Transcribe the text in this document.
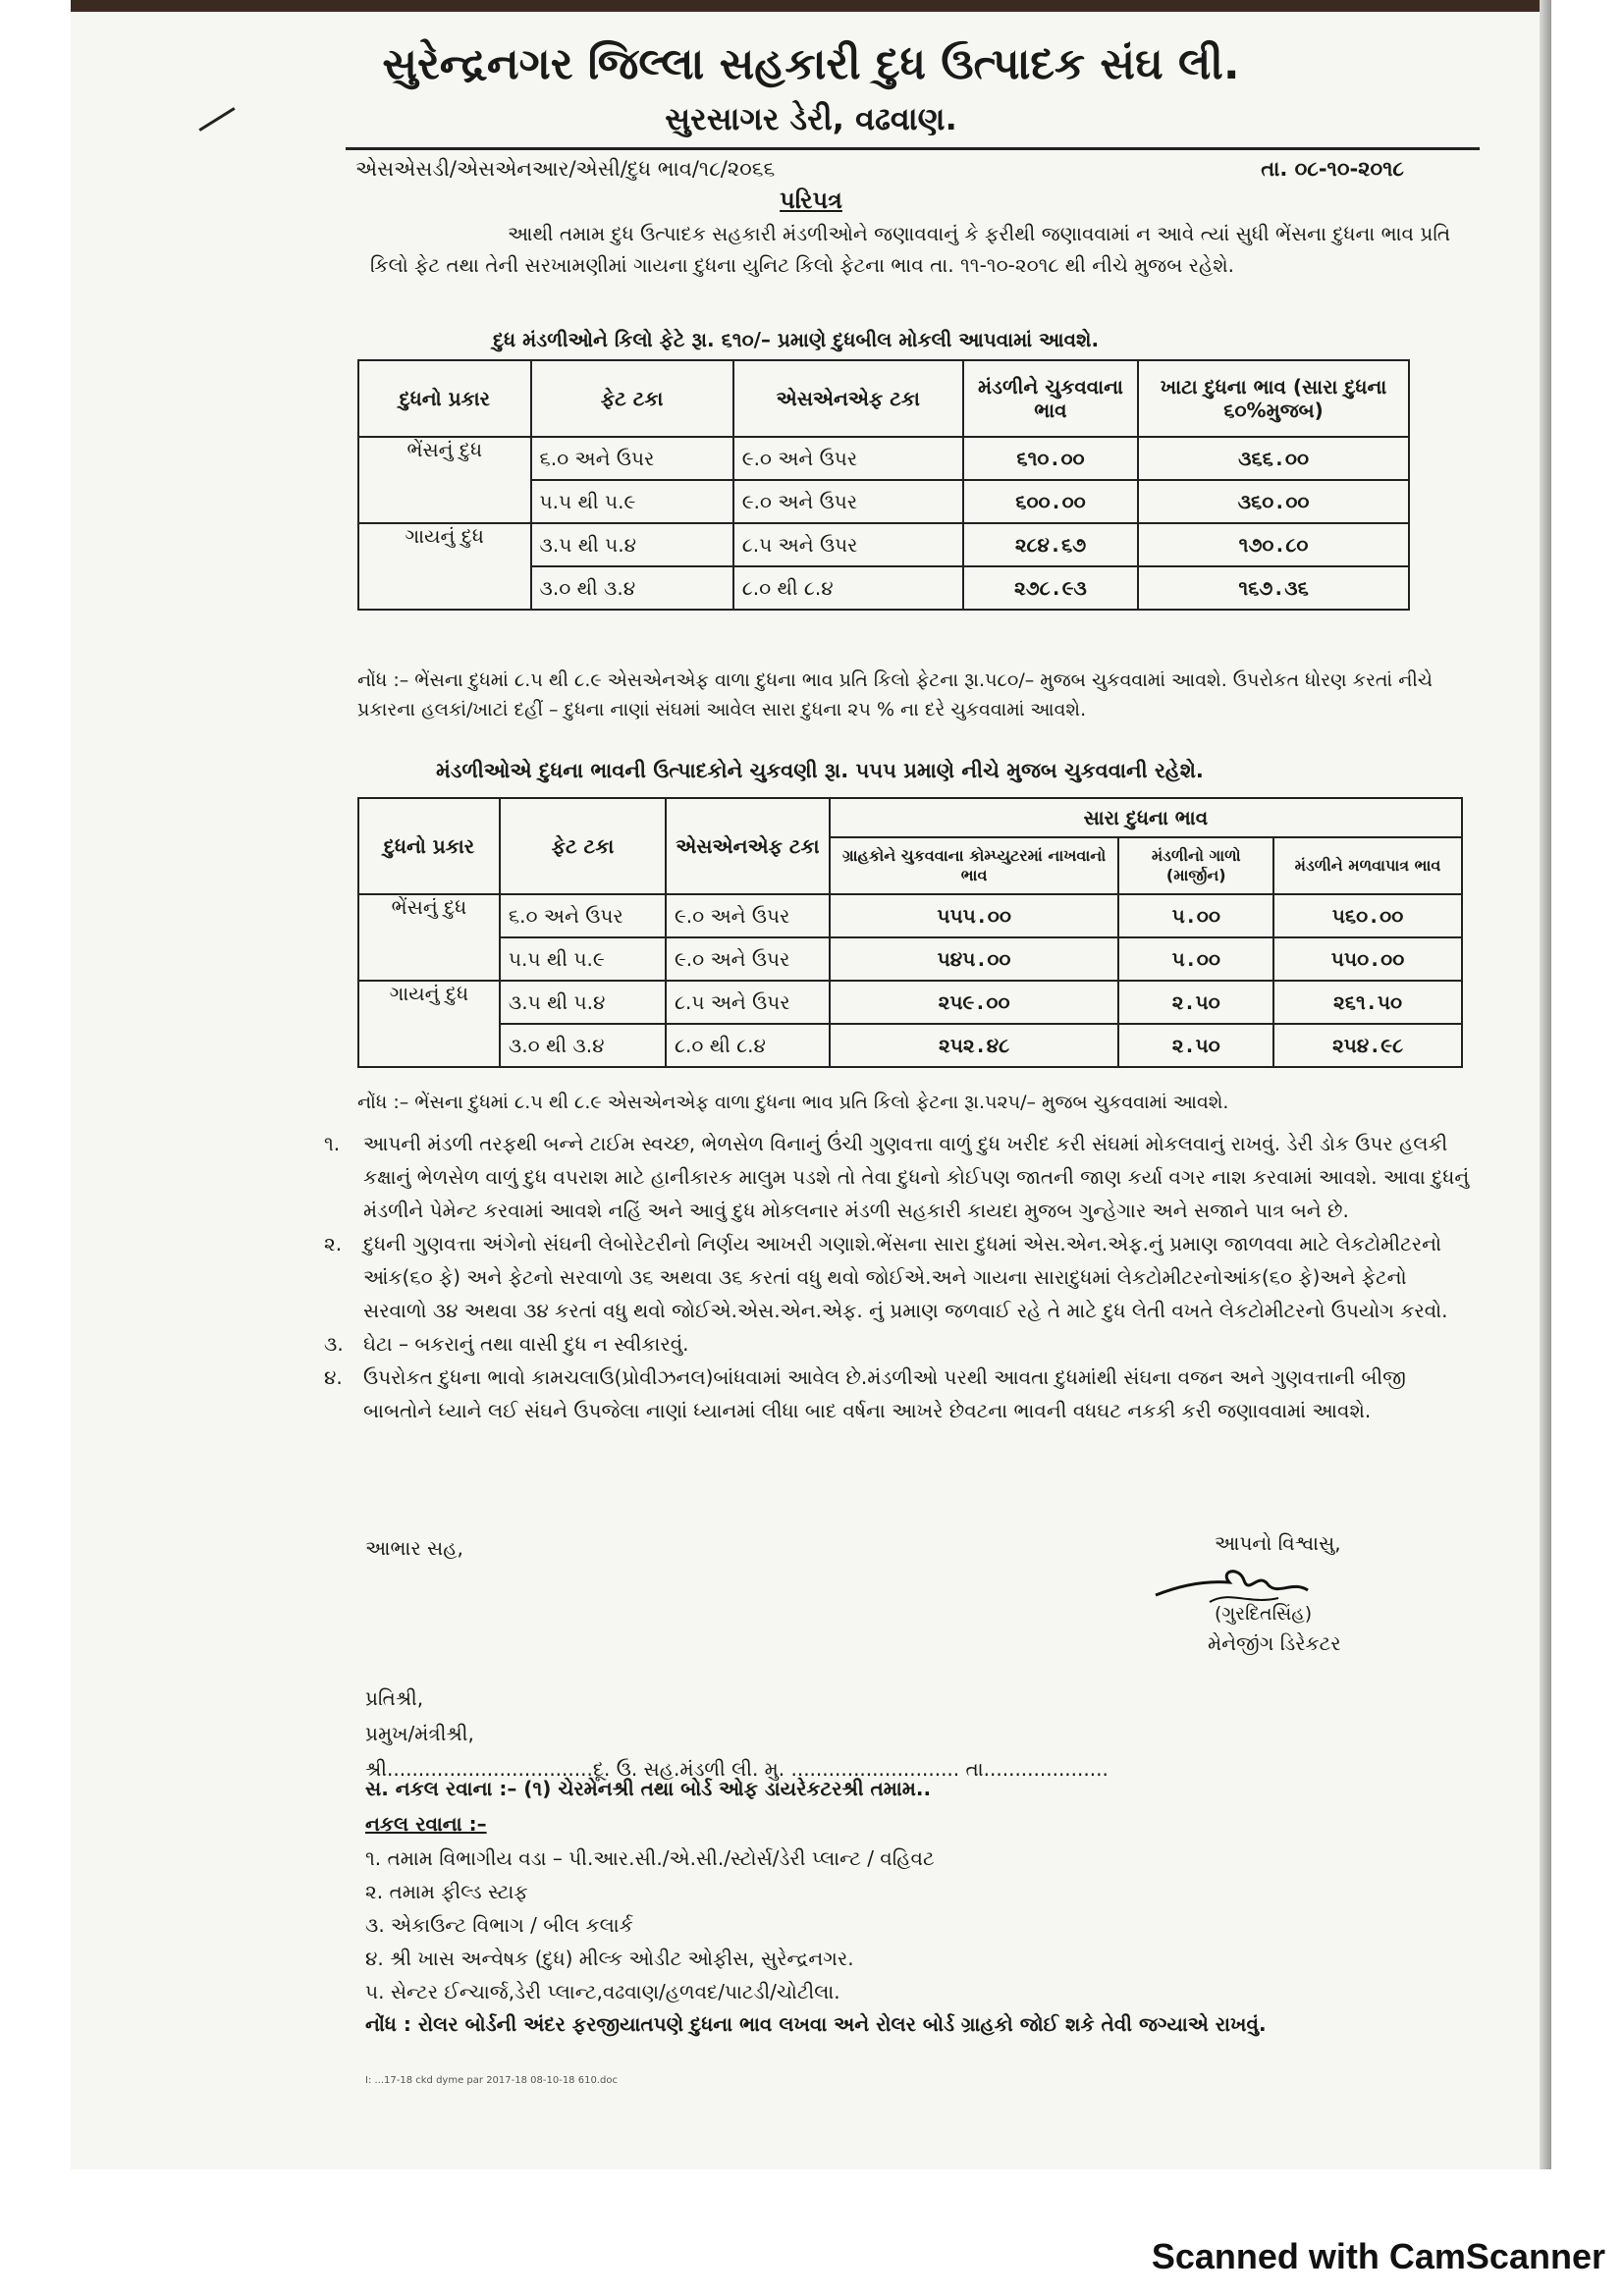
સુરેન્દ્રનગર જિલ્લા સહકારી દુધ ઉત્પાદક સંઘ લી.
સુરસાગર ડેરી, વઢવાણ.
એસએસડી/એસએનઆર/એસી/દુધ ભાવ/૧૮/૨૦૬૬	તા. ૦૮-૧૦-૨૦૧૮
પરિપત્ર
આથી તમામ દુધ ઉત્પાદક સહકારી મંડળીઓને જણાવવાનું કે ફરીથી જણાવવામાં ન આવે ત્યાં સુધી ભેંસના દુધના ભાવ પ્રતિ કિલો ફેટ તથા તેની સરખામણીમાં ગાયના દુધના યુનિટ કિલો ફેટના ભાવ તા. ૧૧-૧૦-૨૦૧૮ થી નીચે મુજબ રહેશે.
દુધ મંડળીઓને કિલો ફેટે રૂા. ૬૧૦/– પ્રમાણે દુધબીલ મોકલી આપવામાં આવશે.
દુધનો પ્રકાર	ફેટ ટકા	એસએનએફ ટકા	મંડળીને ચુકવવાના ભાવ	ખાટા દુધના ભાવ (સારા દુધના ૬૦%મુજબ)
ભેંસનું દુધ	૬.૦ અને ઉપર	૯.૦ અને ઉપર	૬૧૦.૦૦	૩૬૬.૦૦
	૫.૫ થી ૫.૯	૯.૦ અને ઉપર	૬૦૦.૦૦	૩૬૦.૦૦
ગાયનું દુધ	૩.૫ થી ૫.૪	૮.૫ અને ઉપર	૨૮૪.૬૭	૧૭૦.૮૦
	૩.૦ થી ૩.૪	૮.૦ થી ૮.૪	૨૭૮.૯૩	૧૬૭.૩૬
નોંધ :– ભેંસના દુધમાં ૮.૫ થી ૮.૯ એસએનએફ વાળા દુધના ભાવ પ્રતિ કિલો ફેટના રૂા.૫૮૦/– મુજબ ચુકવવામાં આવશે. ઉપરોકત ધોરણ કરતાં નીચે પ્રકારના હલકાં/ખાટાં દહીં – દુધના નાણાં સંઘમાં આવેલ સારા દુધના ૨૫ % ના દરે ચુકવવામાં આવશે.
મંડળીઓએ દુધના ભાવની ઉત્પાદકોને ચુકવણી રૂા. ૫૫૫ પ્રમાણે નીચે મુજબ ચુકવવાની રહેશે.
દુધનો પ્રકાર	ફેટ ટકા	એસએનએફ ટકા	સારા દુધના ભાવ		
			ગ્રાહકોને ચુકવવાના કોમ્પ્યુટરમાં નાખવાનો ભાવ	મંડળીનો ગાળો (માર્જીન)	મંડળીને મળવાપાત્ર ભાવ
ભેંસનું દુધ	૬.૦ અને ઉપર	૯.૦ અને ઉપર	૫૫૫.૦૦	૫.૦૦	૫૬૦.૦૦
	૫.૫ થી ૫.૯	૯.૦ અને ઉપર	૫૪૫.૦૦	૫.૦૦	૫૫૦.૦૦
ગાયનું દુધ	૩.૫ થી ૫.૪	૮.૫ અને ઉપર	૨૫૯.૦૦	૨.૫૦	૨૬૧.૫૦
	૩.૦ થી ૩.૪	૮.૦ થી ૮.૪	૨૫૨.૪૮	૨.૫૦	૨૫૪.૯૮
નોંધ :– ભેંસના દુધમાં ૮.૫ થી ૮.૯ એસએનએફ વાળા દુધના ભાવ પ્રતિ કિલો ફેટના રૂા.૫૨૫/– મુજબ ચુકવવામાં આવશે.
૧.	આપની મંડળી તરફથી બન્ને ટાઈમ સ્વચ્છ, ભેળસેળ વિનાનું ઉંચી ગુણવત્તા વાળું દુધ ખરીદ કરી સંઘમાં મોકલવાનું રાખવું. ડેરી ડોક ઉપર હલકી કક્ષાનું ભેળસેળ વાળું દુધ વપરાશ માટે હાનીકારક માલુમ પડશે તો તેવા દુધનો કોઈપણ જાતની જાણ કર્યા વગર નાશ કરવામાં આવશે. આવા દુધનું મંડળીને પેમેન્ટ કરવામાં આવશે નહિં અને આવું દુધ મોકલનાર મંડળી સહકારી કાયદા મુજબ ગુન્હેગાર અને સજાને પાત્ર બને છે.
૨.	દુધની ગુણવત્તા અંગેનો સંઘની લેબોરેટરીનો નિર્ણય આખરી ગણાશે.ભેંસના સારા દુધમાં એસ.એન.એફ.નું પ્રમાણ જાળવવા માટે લેકટોમીટરનો આંક(૬૦ ફે) અને ફેટનો સરવાળો ૩૬ અથવા ૩૬ કરતાં વધુ થવો જોઈએ.અને ગાયના સારાદુધમાં લેકટોમીટરનોઆંક(૬૦ ફે)અને ફેટનો સરવાળો ૩૪ અથવા ૩૪ કરતાં વધુ થવો જોઈએ.એસ.એન.એફ. નું પ્રમાણ જળવાઈ રહે તે માટે દુધ લેતી વખતે લેકટોમીટરનો ઉપયોગ કરવો.
૩.	ઘેટા – બકરાનું તથા વાસી દુધ ન સ્વીકારવું.
૪.	ઉપરોકત દુધના ભાવો કામચલાઉ(પ્રોવીઝનલ)બાંધવામાં આવેલ છે.મંડળીઓ પરથી આવતા દુધમાંથી સંઘના વજન અને ગુણવત્તાની બીજી બાબતોને ધ્યાને લઈ સંઘને ઉપજેલા નાણાં ધ્યાનમાં લીધા બાદ વર્ષના આખરે છેવટના ભાવની વધઘટ નકકી કરી જણાવવામાં આવશે.
આભાર સહ,	આપનો વિશ્વાસુ,
(ગુરદિતસિંહ)
મેનેજીંગ ડિરેકટર
પ્રતિશ્રી,
પ્રમુખ/મંત્રીશ્રી,
શ્રી.................................દૂ. ઉ. સહ.મંડળી લી. મુ. ........................... તા....................
સ. નકલ રવાના :– (૧) ચેરમેનશ્રી તથા બોર્ડ ઓફ ડાયરેકટરશ્રી તમામ..
નકલ રવાના :–
૧. તમામ વિભાગીય વડા – પી.આર.સી./એ.સી./સ્ટોર્સ/ડેરી પ્લાન્ટ / વહિવટ
૨. તમામ ફીલ્ડ સ્ટાફ
૩. એકાઉન્ટ વિભાગ / બીલ કલાર્ક
૪. શ્રી ખાસ અન્વેષક (દુધ) મીલ્ક ઓડીટ ઓફીસ, સુરેન્દ્રનગર.
૫. સેન્ટર ઈન્ચાર્જ,ડેરી પ્લાન્ટ,વઢવાણ/હળવદ/પાટડી/ચોટીલા.
નોંધ : રોલર બોર્ડની અંદર ફરજીયાતપણે દુધના ભાવ લખવા અને રોલર બોર્ડ ગ્રાહકો જોઈ શકે તેવી જગ્યાએ રાખવું.
I: ...17-18 ckd dyme par 2017-18 08-10-18 610.doc
Scanned with CamScanner
